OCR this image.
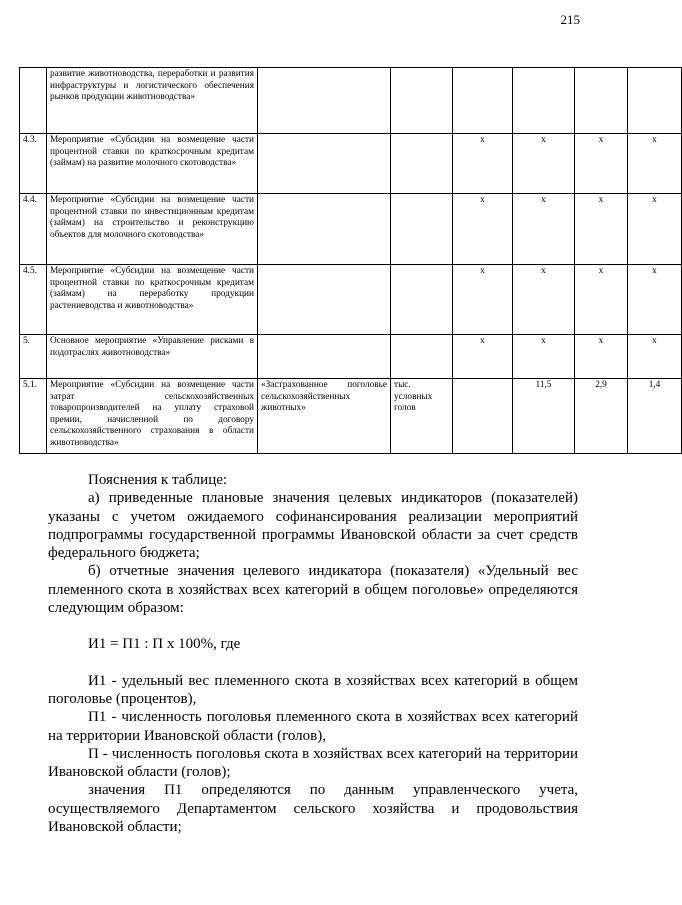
215
	развитие животноводства, переработки и развития инфраструктуры и логистического обеспечения рынков продукции животноводства»						
4.3.	Мероприятие «Субсидии на возмещение части процентной ставки по краткосрочным кредитам (займам) на развитие молочного скотоводства»			x	x	x	x
4.4.	Мероприятие «Субсидии на возмещение части процентной ставки по инвестиционным кредитам (займам) на строительство и реконструкцию объектов для молочного скотоводства»			x	x	x	x
4.5.	Мероприятие «Субсидии на возмещение части процентной ставки по краткосрочным кредитам (займам) на переработку продукции растениеводства и животноводства»			x	x	x	x
5.	Основное мероприятие «Управление рисками в подотраслях животноводства»			x	x	x	x
5.1.	Мероприятие «Субсидии на возмещение части затрат сельскохозяйственных товаропроизводителей на уплату страховой премии, начисленной по договору сельскохозяйственного страхования в области животноводства»	«Застрахованное поголовье сельскохозяйственных животных»	тыс. условных голов		11,5	2,9	1,4

Пояснения к таблице:

а) приведенные плановые значения целевых индикаторов (показателей) указаны с учетом ожидаемого софинансирования реализации мероприятий подпрограммы государственной программы Ивановской области за счет средств федерального бюджета;

б) отчетные значения целевого индикатора (показателя) «Удельный вес племенного скота в хозяйствах всех категорий в общем поголовье» определяются следующим образом:

И1 = П1 : П x 100%, где

И1 - удельный вес племенного скота в хозяйствах всех категорий в общем поголовье (процентов),

П1 - численность поголовья племенного скота в хозяйствах всех категорий на территории Ивановской области (голов),

П - численность поголовья скота в хозяйствах всех категорий на территории Ивановской области (голов);

значения П1 определяются по данным управленческого учета, осуществляемого Департаментом сельского хозяйства и продовольствия Ивановской области;
